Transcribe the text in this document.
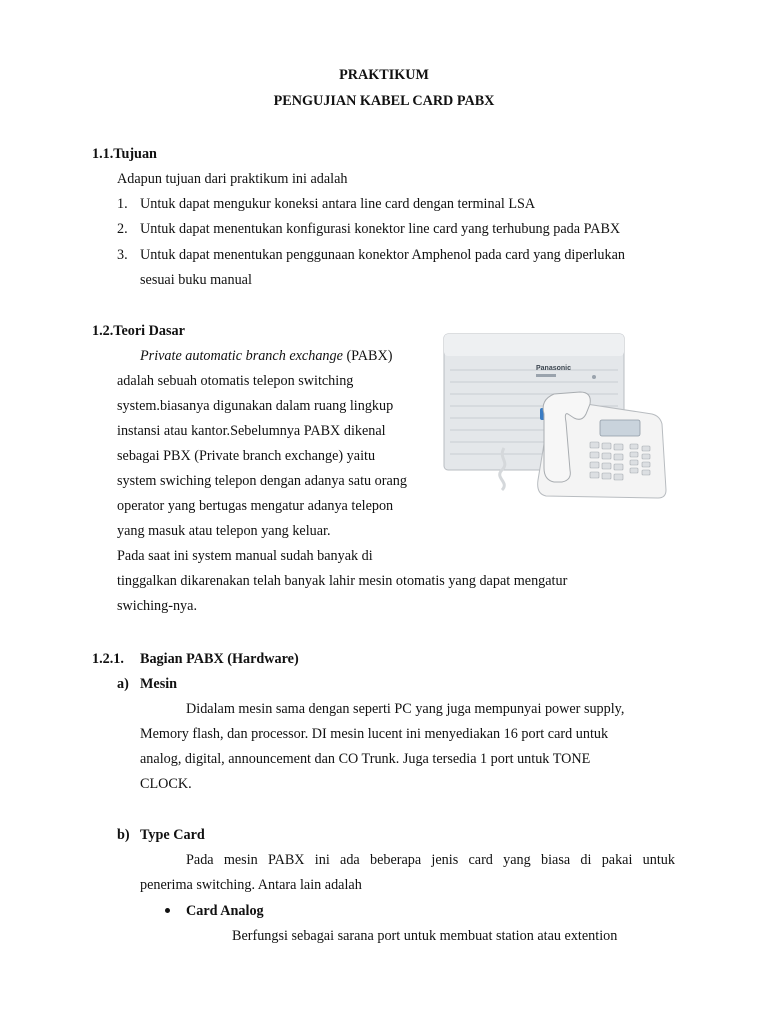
PRAKTIKUM
PENGUJIAN KABEL CARD PABX
1.1.Tujuan
Adapun tujuan dari praktikum ini adalah
1. Untuk dapat mengukur koneksi antara line card dengan terminal LSA
2. Untuk dapat menentukan konfigurasi konektor line card yang terhubung pada PABX
3. Untuk dapat menentukan penggunaan konektor Amphenol pada card yang diperlukan
sesuai buku manual
1.2.Teori Dasar
Private automatic branch exchange (PABX)
adalah sebuah otomatis telepon switching
system.biasanya digunakan dalam ruang lingkup
instansi atau kantor.Sebelumnya PABX dikenal
sebagai PBX (Private branch exchange) yaitu
system swiching telepon dengan adanya satu orang
operator yang bertugas mengatur adanya telepon
yang masuk atau telepon yang keluar.
Pada saat ini system manual sudah banyak di
tinggalkan dikarenakan telah banyak lahir mesin otomatis yang dapat mengatur
swiching-nya.
Panasonic
1.2.1. Bagian PABX (Hardware)
a) Mesin
Didalam mesin sama dengan seperti PC yang juga mempunyai power supply,
Memory flash, dan processor. DI mesin lucent ini menyediakan 16 port card untuk
analog, digital, announcement dan CO Trunk. Juga tersedia 1 port untuk TONE
CLOCK.
b) Type Card
Pada mesin PABX ini ada beberapa jenis card yang biasa di pakai untuk
penerima switching. Antara lain adalah
Card Analog
Berfungsi sebagai sarana port untuk membuat station atau extention
